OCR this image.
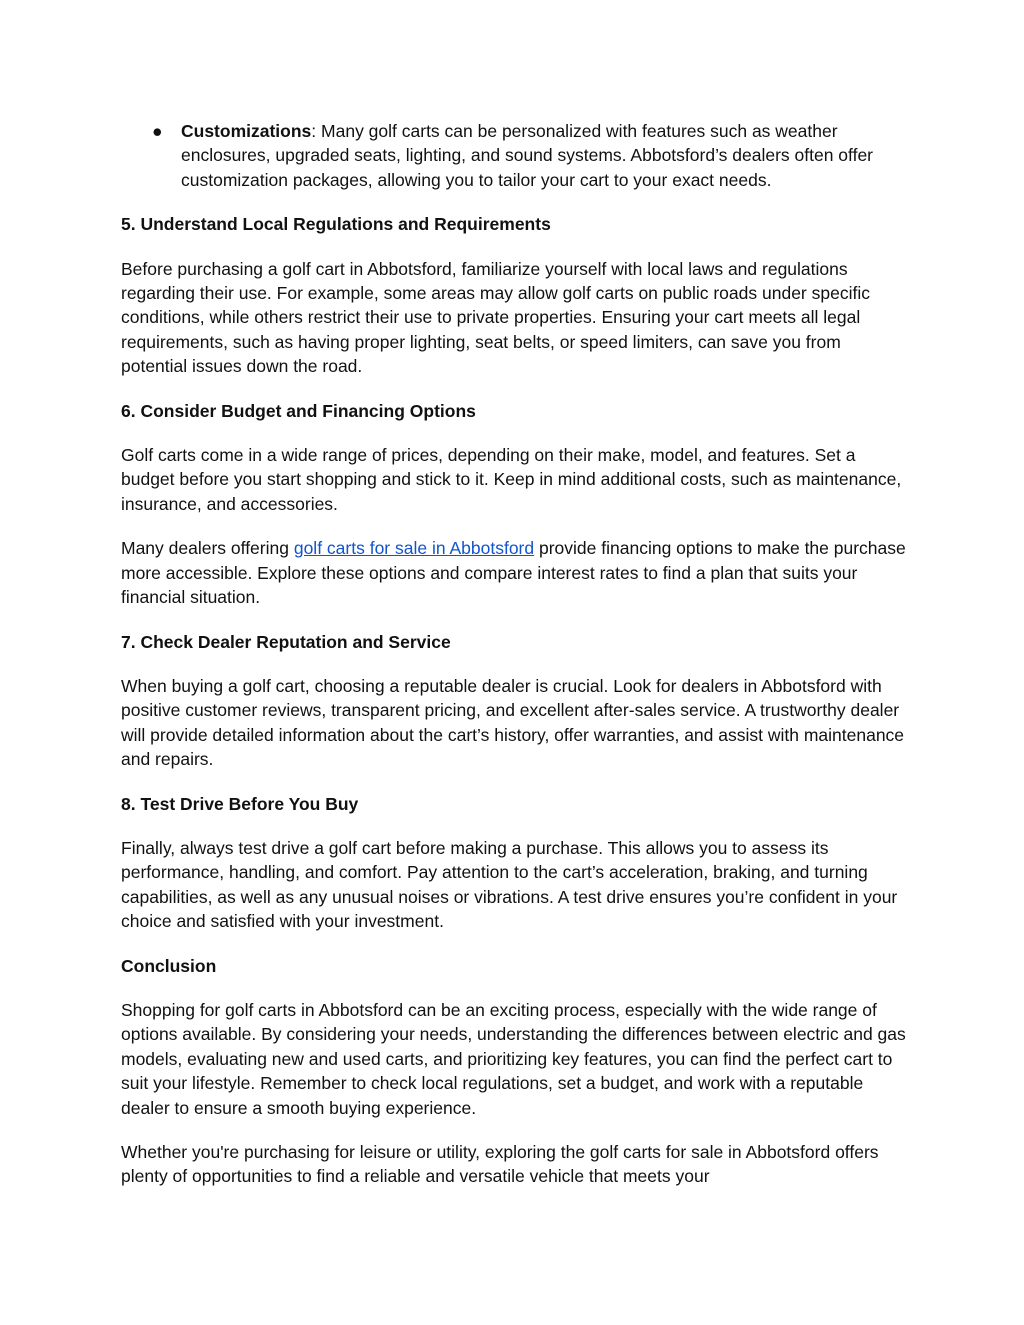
● Customizations: Many golf carts can be personalized with features such as weather enclosures, upgraded seats, lighting, and sound systems. Abbotsford’s dealers often offer customization packages, allowing you to tailor your cart to your exact needs.
5. Understand Local Regulations and Requirements

Before purchasing a golf cart in Abbotsford, familiarize yourself with local laws and regulations regarding their use. For example, some areas may allow golf carts on public roads under specific conditions, while others restrict their use to private properties. Ensuring your cart meets all legal requirements, such as having proper lighting, seat belts, or speed limiters, can save you from potential issues down the road.

6. Consider Budget and Financing Options

Golf carts come in a wide range of prices, depending on their make, model, and features. Set a budget before you start shopping and stick to it. Keep in mind additional costs, such as maintenance, insurance, and accessories.

Many dealers offering golf carts for sale in Abbotsford provide financing options to make the purchase more accessible. Explore these options and compare interest rates to find a plan that suits your financial situation.

7. Check Dealer Reputation and Service

When buying a golf cart, choosing a reputable dealer is crucial. Look for dealers in Abbotsford with positive customer reviews, transparent pricing, and excellent after-sales service. A trustworthy dealer will provide detailed information about the cart’s history, offer warranties, and assist with maintenance and repairs.

8. Test Drive Before You Buy

Finally, always test drive a golf cart before making a purchase. This allows you to assess its performance, handling, and comfort. Pay attention to the cart’s acceleration, braking, and turning capabilities, as well as any unusual noises or vibrations. A test drive ensures you’re confident in your choice and satisfied with your investment.

Conclusion

Shopping for golf carts in Abbotsford can be an exciting process, especially with the wide range of options available. By considering your needs, understanding the differences between electric and gas models, evaluating new and used carts, and prioritizing key features, you can find the perfect cart to suit your lifestyle. Remember to check local regulations, set a budget, and work with a reputable dealer to ensure a smooth buying experience.

Whether you're purchasing for leisure or utility, exploring the golf carts for sale in Abbotsford offers plenty of opportunities to find a reliable and versatile vehicle that meets your
